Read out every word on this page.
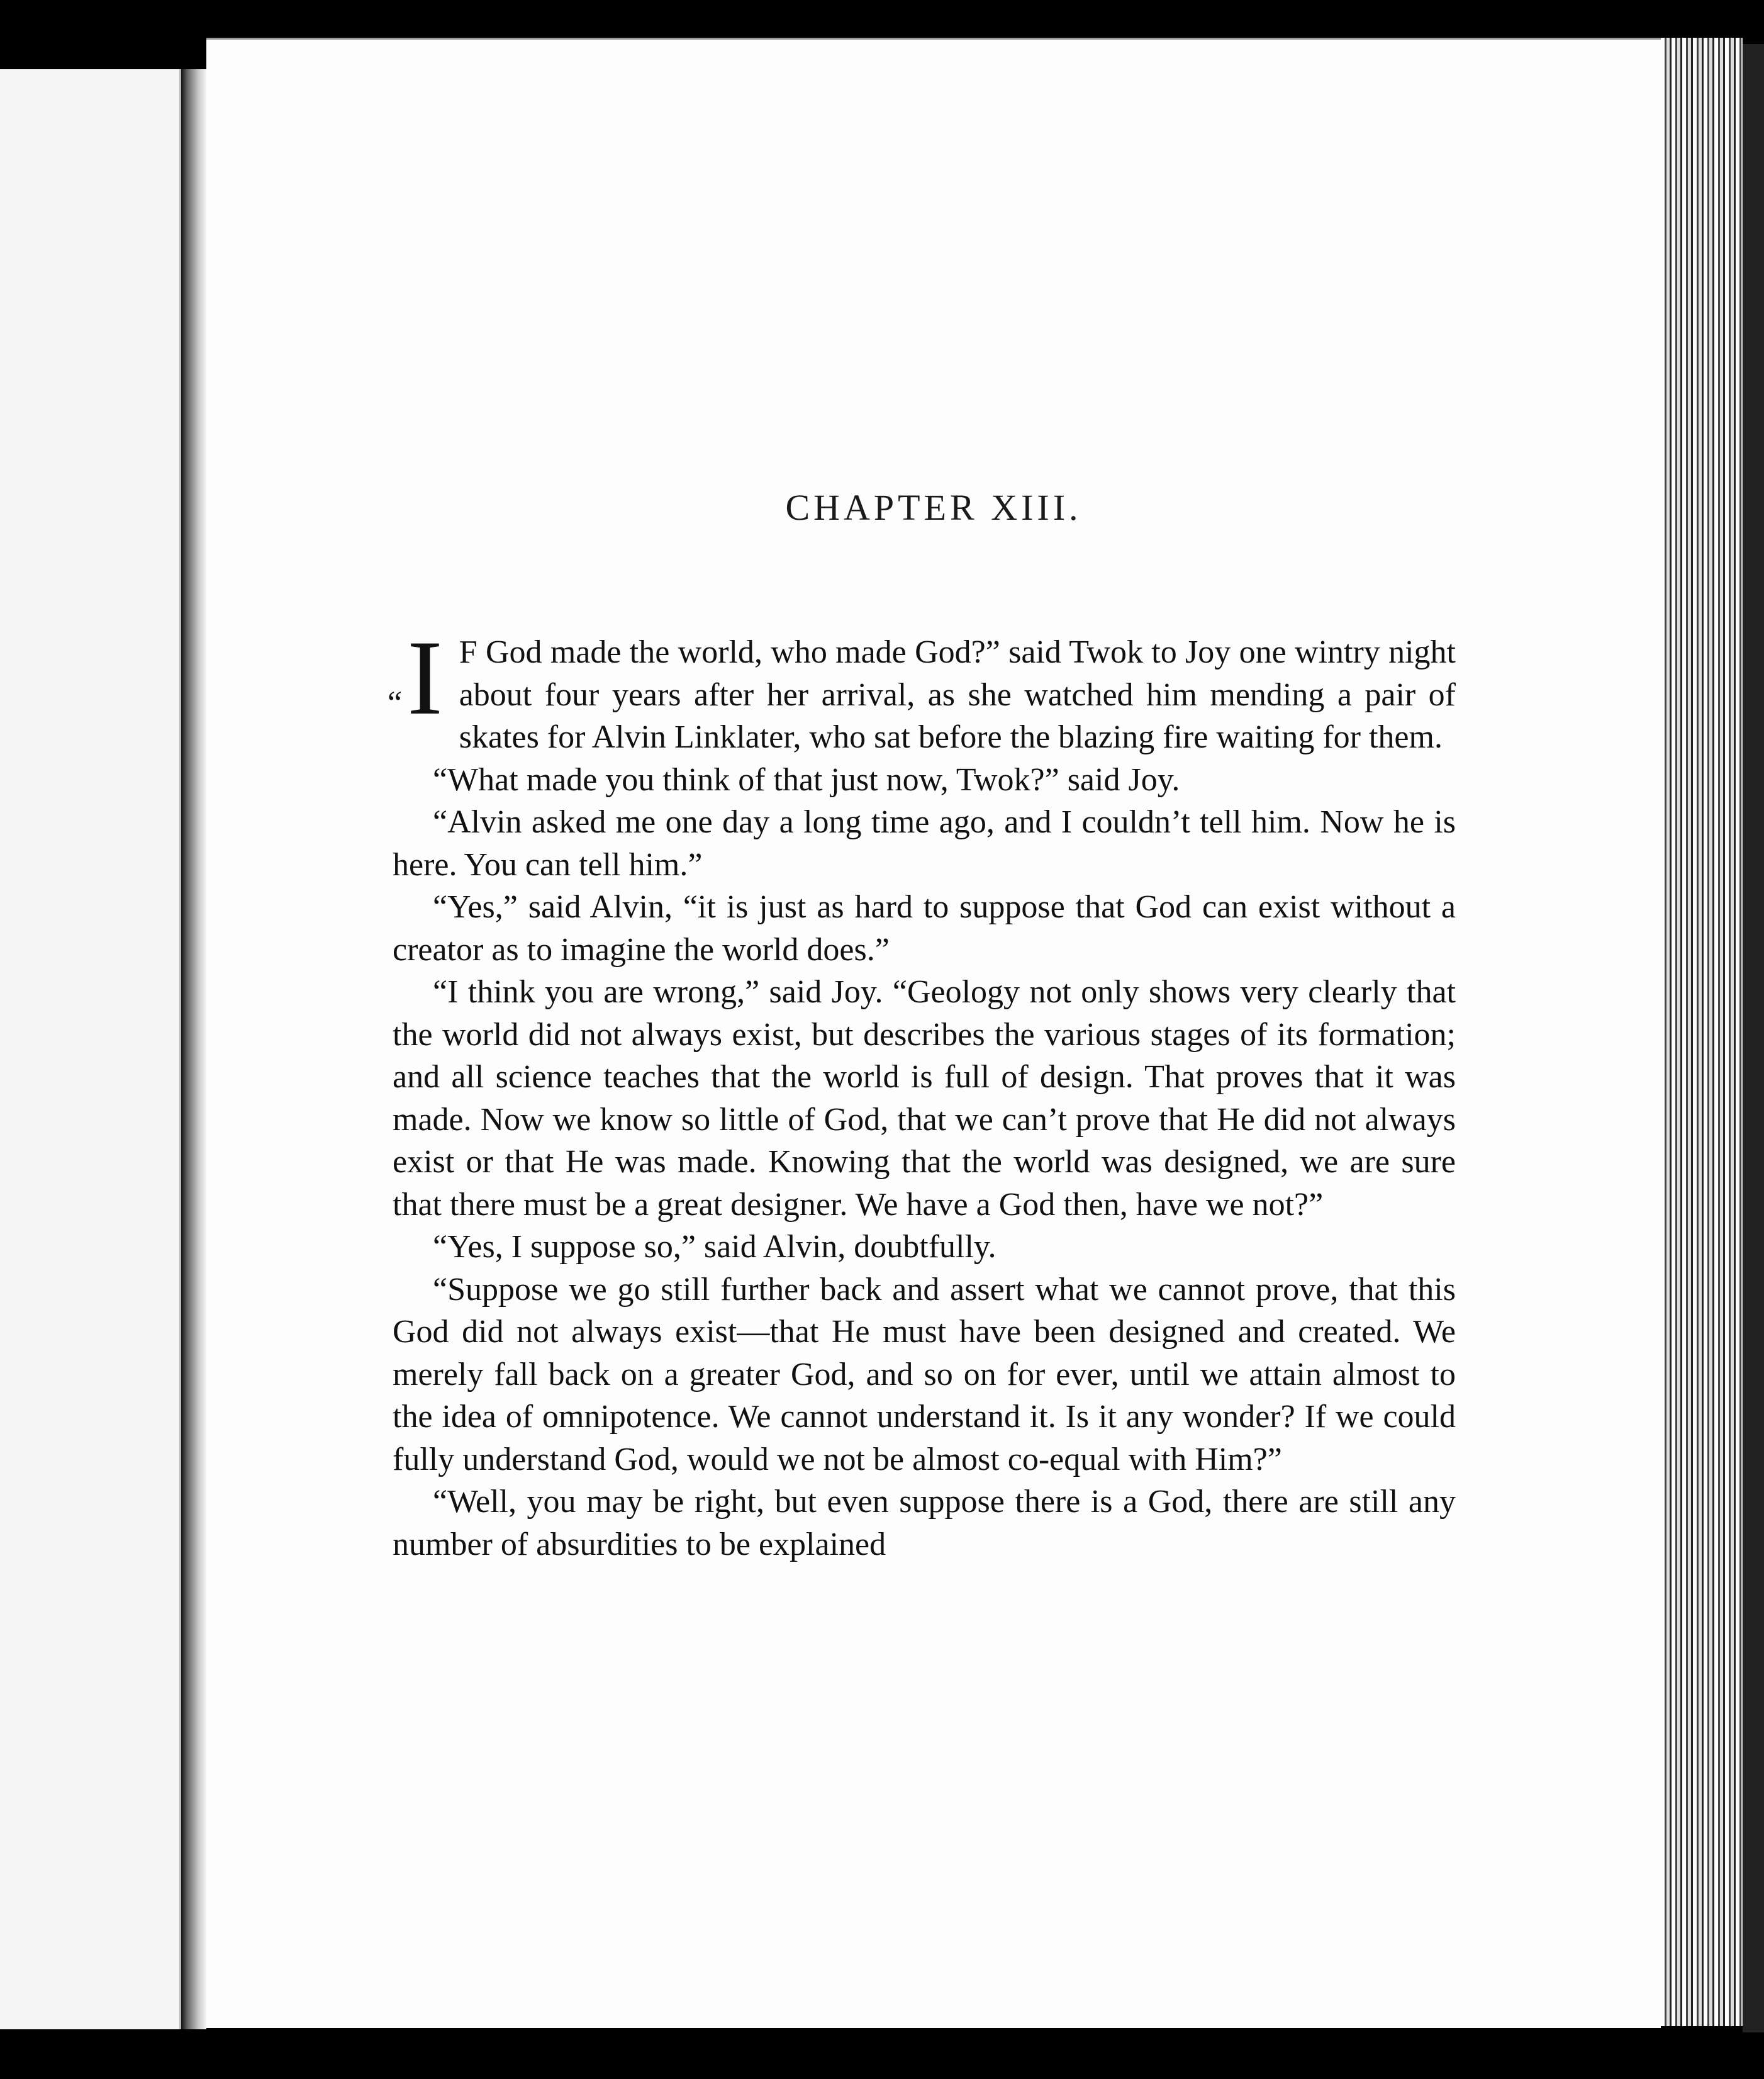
CHAPTER XIII.

“I F God made the world, who made God?” said Twok to Joy one wintry night about four years after her arrival, as she watched him mending a pair of skates for Alvin Linklater, who sat before the blazing fire waiting for them.

“What made you think of that just now, Twok?” said Joy.

“Alvin asked me one day a long time ago, and I couldn’t tell him. Now he is here. You can tell him.”

“Yes,” said Alvin, “it is just as hard to suppose that God can exist without a creator as to imagine the world does.”

“I think you are wrong,” said Joy. “Geology not only shows very clearly that the world did not always exist, but describes the various stages of its formation; and all science teaches that the world is full of design. That proves that it was made. Now we know so little of God, that we can’t prove that He did not always exist or that He was made. Knowing that the world was designed, we are sure that there must be a great designer. We have a God then, have we not?”

“Yes, I suppose so,” said Alvin, doubtfully.

“Suppose we go still further back and assert what we cannot prove, that this God did not always exist—that He must have been designed and created. We merely fall back on a greater God, and so on for ever, until we attain almost to the idea of omnipotence. We cannot understand it. Is it any wonder? If we could fully understand God, would we not be almost co-equal with Him?”

“Well, you may be right, but even suppose there is a God, there are still any number of absurdities to be explained
